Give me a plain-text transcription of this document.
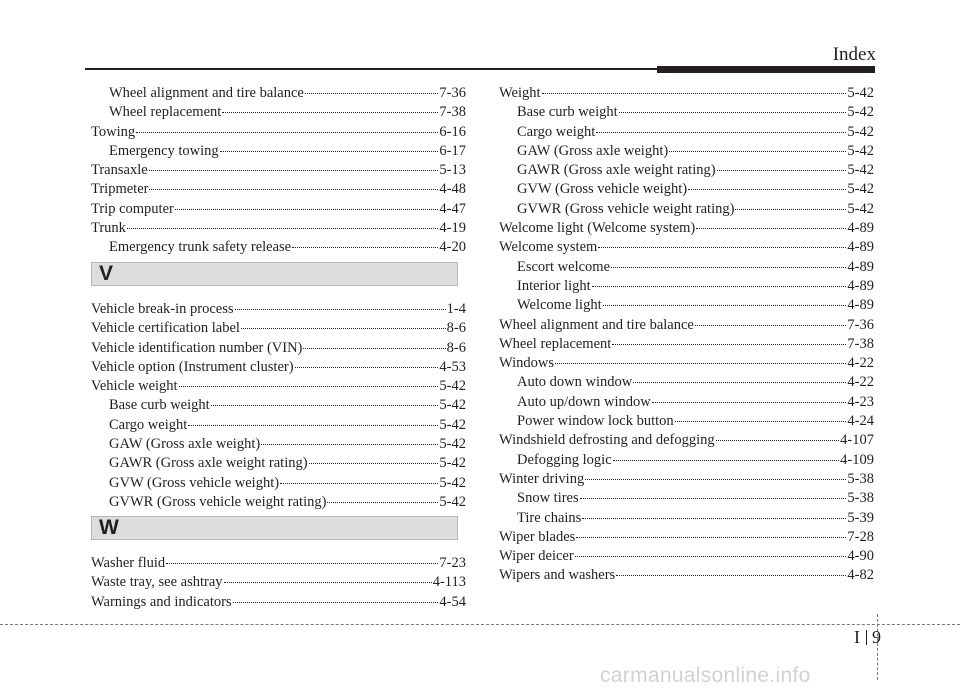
Index
Wheel alignment and tire balance	7-36
Wheel replacement	7-38
Towing	6-16
Emergency towing	6-17
Transaxle	5-13
Tripmeter	4-48
Trip computer	4-47
Trunk	4-19
Emergency trunk safety release	4-20
V
Vehicle break-in process	1-4
Vehicle certification label	8-6
Vehicle identification number (VIN)	8-6
Vehicle option (Instrument cluster)	4-53
Vehicle weight	5-42
Base curb weight	5-42
Cargo weight	5-42
GAW (Gross axle weight)	5-42
GAWR (Gross axle weight rating)	5-42
GVW (Gross vehicle weight)	5-42
GVWR (Gross vehicle weight rating)	5-42
W
Washer fluid	7-23
Waste tray, see ashtray	4-113
Warnings and indicators	4-54
Weight	5-42
Base curb weight	5-42
Cargo weight	5-42
GAW (Gross axle weight)	5-42
GAWR (Gross axle weight rating)	5-42
GVW (Gross vehicle weight)	5-42
GVWR (Gross vehicle weight rating)	5-42
Welcome light (Welcome system)	4-89
Welcome system	4-89
Escort welcome	4-89
Interior light	4-89
Welcome light	4-89
Wheel alignment and tire balance	7-36
Wheel replacement	7-38
Windows	4-22
Auto down window	4-22
Auto up/down window	4-23
Power window lock button	4-24
Windshield defrosting and defogging	4-107
Defogging logic	4-109
Winter driving	5-38
Snow tires	5-38
Tire chains	5-39
Wiper blades	7-28
Wiper deicer	4-90
Wipers and washers	4-82
I 9
carmanualsonline.info
